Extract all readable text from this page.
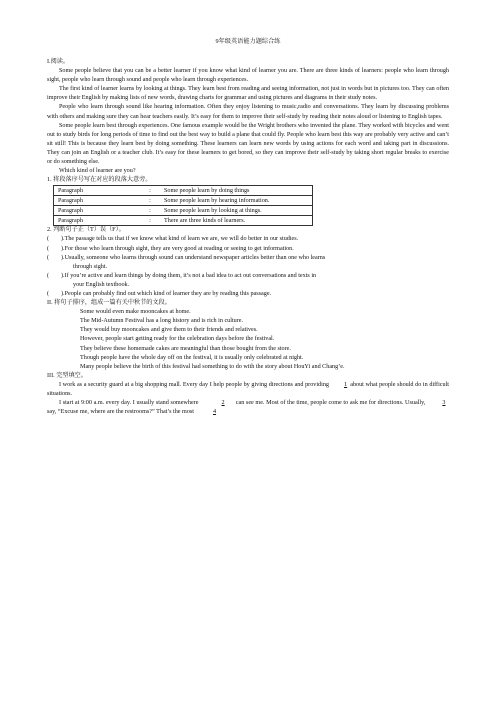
9年级英语能力题综合练

I.阅读。

Some people believe that you can be a better learner if you know what kind of learner you are. There are three kinds of learners: people who learn through sight, people who learn through sound and people who learn through experiences.

The first kind of learner learns by looking at things. They learn best from reading and seeing information, not just in words but in pictures too. They can often improve their English by making lists of new words, drawing charts for grammar and using pictures and diagrams in their study notes.

People who learn through sound like hearing information. Often they enjoy listening to music,radio and conversations. They learn by discussing problems with others and making sure they can hear teachers easily. It’s easy for them to improve their self-study by reading their notes aloud or listening to English tapes.

Some people learn best through experiences. One famous example would be the Wright brothers who invented the plane. They worked with bicycles and went out to study birds for long periods of time to find out the best way to build a plane that could fly. People who learn best this way are probably very active and can’t sit still! This is because they learn best by doing something. These learners can learn new words by using actions for each word and taking part in discussions. They can join an English or a teacher club. It’s easy for these learners to get bored, so they can improve their self-study by taking short regular breaks to exercise or do something else.

Which kind of learner are you?

1. 将段落序号写在对应的段落大意旁。

Paragraph	:	Some people learn by doing things
Paragraph	:	Some people learn by hearing information.
Paragraph	:	Some people learn by looking at things.
Paragraph	:	There are three kinds of learners.

2. 判断句子正（T）误（F）。

(	).The passage tells us that if we know what kind of learn we are, we will do better in our studies.
(	).For those who learn through sight, they are very good at reading or seeing to get information.
(	).Usually, someone who learns through sound can understand newspaper articles better than one who learns
through sight.
(	).If you’re active and learn things by doing them, it’s not a bad idea to act out conversations and texts in
your English textbook.
(	).People can probably find out which kind of learner they are by reading this passage.

II. 将句子排序，组成一篇有关中秋节的文段。

Some would even make mooncakes at home.

The Mid-Autumn Festival has a long history and is rich in culture.

They would buy mooncakes and give them to their friends and relatives.

However, people start getting ready for the celebration days before the festival.

They believe these homemade cakes are meaningful than those bought from the store.

Though people have the whole day off on the festival, it is usually only celebrated at night.

Many people believe the birth of this festival had something to do with the story about HouYi and Chang’e.

III. 完型填空。

I work as a security guard at a big shopping mall. Every day I help people by giving directions and providing 1 about what people should do in difficult situations.

I start at 9:00 a.m. every day. I usually stand somewhere	2 can see me. Most of the time, people come to ask me for directions. Usually,	3 say, “Excuse me, where are the restrooms?” That’s the most	4
